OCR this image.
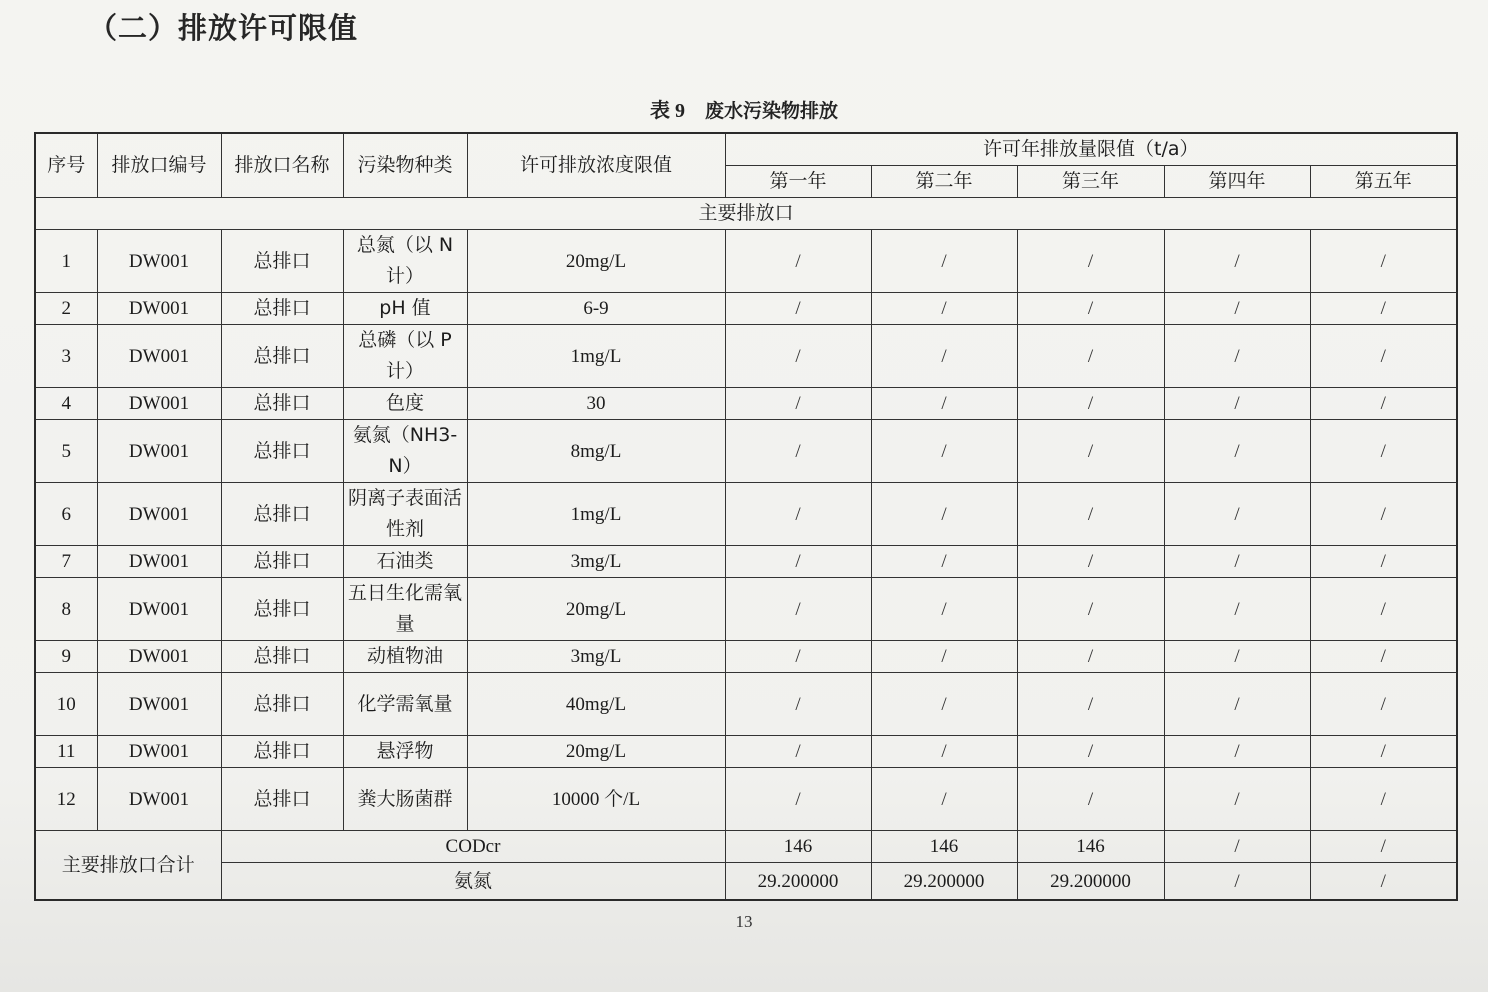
（二）排放许可限值
表 9 废水污染物排放
序号	排放口编号	排放口名称	污染物种类	许可排放浓度限值	许可年排放量限值（t/a）				
					第一年	第二年	第三年	第四年	第五年
主要排放口									
1	DW001	总排口	总氮（以 N 计）	20mg/L	/	/	/	/	/
2	DW001	总排口	pH 值	6-9	/	/	/	/	/
3	DW001	总排口	总磷（以 P 计）	1mg/L	/	/	/	/	/
4	DW001	总排口	色度	30	/	/	/	/	/
5	DW001	总排口	氨氮（NH3-N）	8mg/L	/	/	/	/	/
6	DW001	总排口	阴离子表面活性剂	1mg/L	/	/	/	/	/
7	DW001	总排口	石油类	3mg/L	/	/	/	/	/
8	DW001	总排口	五日生化需氧量	20mg/L	/	/	/	/	/
9	DW001	总排口	动植物油	3mg/L	/	/	/	/	/
10	DW001	总排口	化学需氧量	40mg/L	/	/	/	/	/
11	DW001	总排口	悬浮物	20mg/L	/	/	/	/	/
12	DW001	总排口	粪大肠菌群	10000 个/L	/	/	/	/	/
主要排放口合计		CODcr			146	146	146	/	/
		氨氮			29.200000	29.200000	29.200000	/	/
13
